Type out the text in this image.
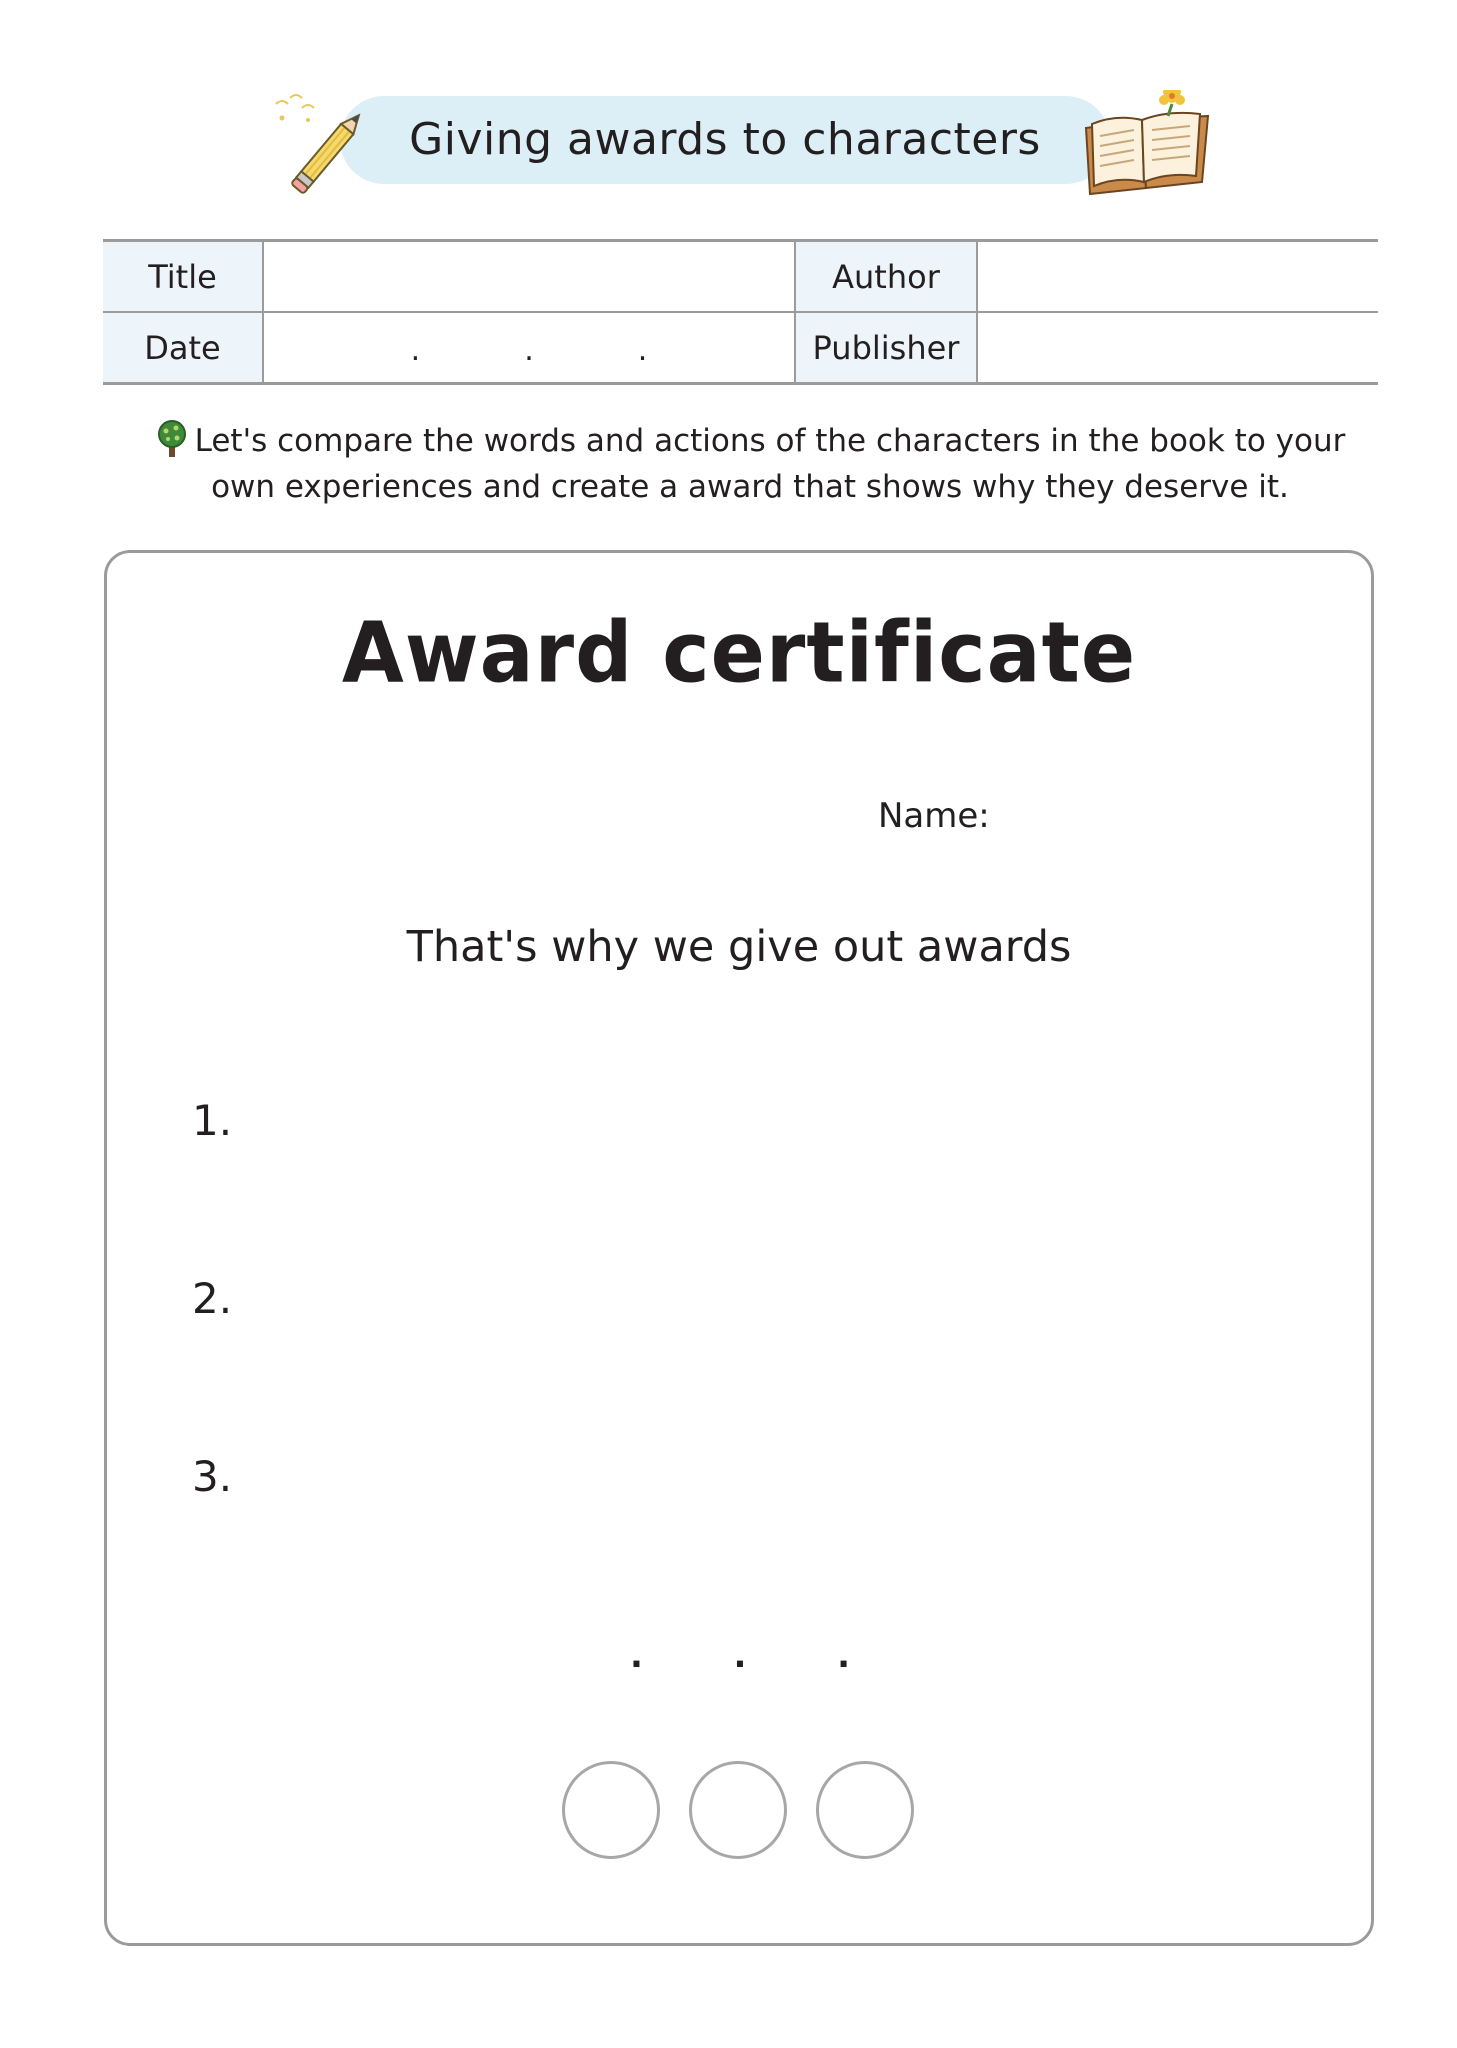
Giving awards to characters
Title		Author	
Date	. . .	Publisher	
Let's compare the words and actions of the characters in the book to your own experiences and create a award that shows why they deserve it.
Award certificate
Name:
That's why we give out awards
1.
2.
3.
.	.	.
